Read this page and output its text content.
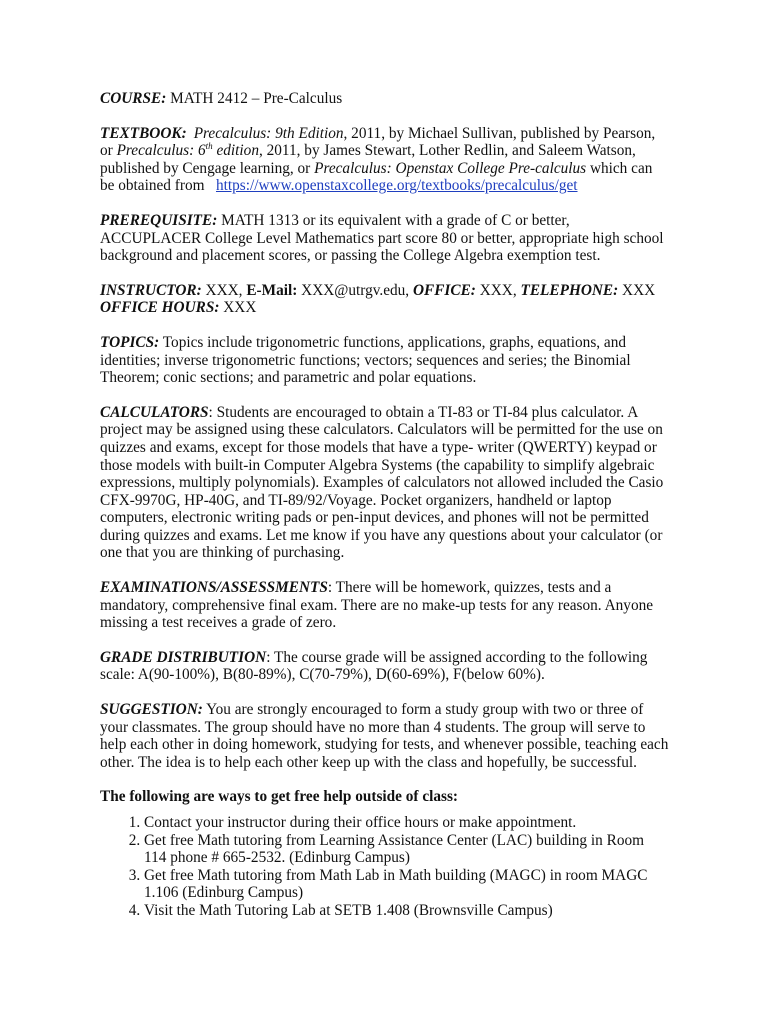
COURSE: MATH 2412 – Pre-Calculus

TEXTBOOK: Precalculus: 9th Edition, 2011, by Michael Sullivan, published by Pearson, or Precalculus: 6th edition, 2011, by James Stewart, Lother Redlin, and Saleem Watson, published by Cengage learning, or Precalculus: Openstax College Pre-calculus which can be obtained from   https://www.openstaxcollege.org/textbooks/precalculus/get

PREREQUISITE: MATH 1313 or its equivalent with a grade of C or better, ACCUPLACER College Level Mathematics part score 80 or better, appropriate high school background and placement scores, or passing the College Algebra exemption test.

INSTRUCTOR: XXX, E-Mail: XXX@utrgv.edu, OFFICE: XXX, TELEPHONE: XXX
OFFICE HOURS: XXX

TOPICS: Topics include trigonometric functions, applications, graphs, equations, and identities; inverse trigonometric functions; vectors; sequences and series; the Binomial Theorem; conic sections; and parametric and polar equations.

CALCULATORS: Students are encouraged to obtain a TI-83 or TI-84 plus calculator. A project may be assigned using these calculators. Calculators will be permitted for the use on quizzes and exams, except for those models that have a type- writer (QWERTY) keypad or those models with built-in Computer Algebra Systems (the capability to simplify algebraic expressions, multiply polynomials). Examples of calculators not allowed included the Casio CFX-9970G, HP-40G, and TI-89/92/Voyage. Pocket organizers, handheld or laptop computers, electronic writing pads or pen-input devices, and phones will not be permitted during quizzes and exams. Let me know if you have any questions about your calculator (or one that you are thinking of purchasing.

EXAMINATIONS/ASSESSMENTS: There will be homework, quizzes, tests and a mandatory, comprehensive final exam. There are no make-up tests for any reason. Anyone missing a test receives a grade of zero.

GRADE DISTRIBUTION: The course grade will be assigned according to the following scale: A(90-100%), B(80-89%), C(70-79%), D(60-69%), F(below 60%).

SUGGESTION: You are strongly encouraged to form a study group with two or three of your classmates. The group should have no more than 4 students. The group will serve to help each other in doing homework, studying for tests, and whenever possible, teaching each other. The idea is to help each other keep up with the class and hopefully, be successful.

The following are ways to get free help outside of class:

1. Contact your instructor during their office hours or make appointment.
2. Get free Math tutoring from Learning Assistance Center (LAC) building in Room 114 phone # 665-2532. (Edinburg Campus)
3. Get free Math tutoring from Math Lab in Math building (MAGC) in room MAGC 1.106 (Edinburg Campus)
4. Visit the Math Tutoring Lab at SETB 1.408 (Brownsville Campus)
